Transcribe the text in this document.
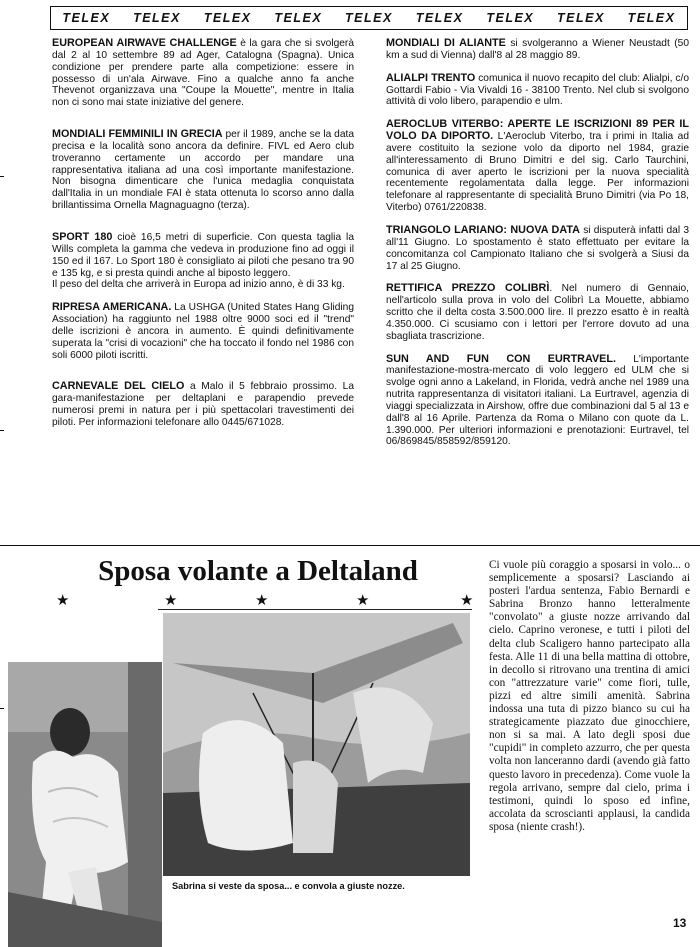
TELEX TELEX TELEX TELEX TELEX TELEX TELEX TELEX TELEX
EUROPEAN AIRWAVE CHALLENGE

è la gara che si svolgerà dal 2 al 10 settembre 89 ad Ager, Catalogna (Spagna). Unica condizione per prendere parte alla competizione: essere in possesso di un'ala Airwave. Fino a qualche anno fa anche Thevenot organizzava una "Coupe la Mouette", mentre in Italia non ci sono mai state iniziative del genere.

MONDIALI FEMMINILI IN GRECIA

per il 1989, anche se la data precisa e la località sono ancora da definire. FIVL ed Aero club troveranno certamente un accordo per mandare una rappresentativa italiana ad una così importante manifestazione. Non bisogna dimenticare che l'unica medaglia conquistata dall'Italia in un mondiale FAI è stata ottenuta lo scorso anno dalla brillantissima Ornella Magnaguagno (terza).

SPORT 180

cioè 16,5 metri di superficie. Con questa taglia la Wills completa la gamma che vedeva in produzione fino ad oggi il 150 ed il 167. Lo Sport 180 è consigliato ai piloti che pesano tra 90 e 135 kg, e si presta quindi anche al biposto leggero.

Il peso del delta che arriverà in Europa ad inizio anno, è di 33 kg.
RIPRESA AMERICANA.

La USHGA (United States Hang Gliding Association) ha raggiunto nel 1988 oltre 9000 soci ed il "trend" delle iscrizioni è ancora in aumento. È quindi definitivamente superata la "crisi di vocazioni" che ha toccato il fondo nel 1986 con soli 6000 piloti iscritti.

CARNEVALE DEL CIELO

a Malo il 5 febbraio prossimo. La gara-manifestazione per deltaplani e parapendio prevede numerosi premi in natura per i più spettacolari travestimenti dei piloti. Per informazioni telefonare allo 0445/671028.

MONDIALI DI ALIANTE

si svolgeranno a Wiener Neustadt (50 km a sud di Vienna) dall'8 al 28 maggio 89.

ALIALPI TRENTO

comunica il nuovo recapito del club: Alialpi, c/o Gottardi Fabio - Via Vivaldi 16 - 38100 Trento. Nel club si svolgono attività di volo libero, parapendio e ulm.

AEROCLUB VITERBO: APERTE LE ISCRIZIONI 89 PER IL VOLO DA DIPORTO.

L'Aeroclub Viterbo, tra i primi in Italia ad avere costituito la sezione volo da diporto nel 1984, grazie all'interessamento di Bruno Dimitri e del sig. Carlo Taurchini, comunica di aver aperto le iscrizioni per la nuova specialità recentemente regolamentata dalla legge. Per informazioni telefonare al rappresentante di specialità Bruno Dimitri (via Po 18, Viterbo) 0761/220838.

TRIANGOLO LARIANO: NUOVA DATA

si disputerà infatti dal 3 all'11 Giugno. Lo spostamento è stato effettuato per evitare la concomitanza col Campionato Italiano che si svolgerà a Siusi da 17 al 25 Giugno.

RETTIFICA PREZZO COLIBRÌ

. Nel numero di Gennaio, nell'articolo sulla prova in volo del Colibrì La Mouette, abbiamo scritto che il delta costa 3.500.000 lire. Il prezzo esatto è in realtà 4.350.000. Ci scusiamo con i lettori per l'errore dovuto ad una sbagliata trascrizione.

SUN AND FUN CON EURTRAVEL.

L'importante manifestazione-mostra-mercato di volo leggero ed ULM che si svolge ogni anno a Lakeland, in Florida, vedrà anche nel 1989 una nutrita rappresentanza di visitatori italiani. La Eurtravel, agenzia di viaggi specializzata in Airshow, offre due combinazioni dal 5 al 13 e dall'8 al 16 Aprile. Partenza da Roma o Milano con quote da L. 1.390.000. Per ulteriori informazioni e prenotazioni: Eurtravel, tel 06/869845/858592/859120.

Sposa volante a Deltaland
★	★	★	★	★
Sabrina si veste da sposa... e convola a giuste nozze.
Ci vuole più coraggio a sposarsi in volo... o semplicemente a sposarsi? Lasciando ai posteri l'ardua sentenza, Fabio Bernardi e Sabrina Bronzo hanno letteralmente "convolato" a giuste nozze arrivando dal cielo. Caprino veronese, e tutti i piloti del delta club Scaligero hanno partecipato alla festa. Alle 11 di una bella mattina di ottobre, in decollo si ritrovano una trentina di amici con "attrezzature varie" come fiori, tulle, pizzi ed altre simili amenità. Sabrina indossa una tuta di pizzo bianco su cui ha strategicamente piazzato due ginocchiere, non si sa mai. A lato degli sposi due "cupidi" in completo azzurro, che per questa volta non lanceranno dardi (avendo già fatto questo lavoro in precedenza). Come vuole la regola arrivano, sempre dal cielo, prima i testimoni, quindi lo sposo ed infine, accolata da scroscianti applausi, la candida sposa (niente crash!).
13
